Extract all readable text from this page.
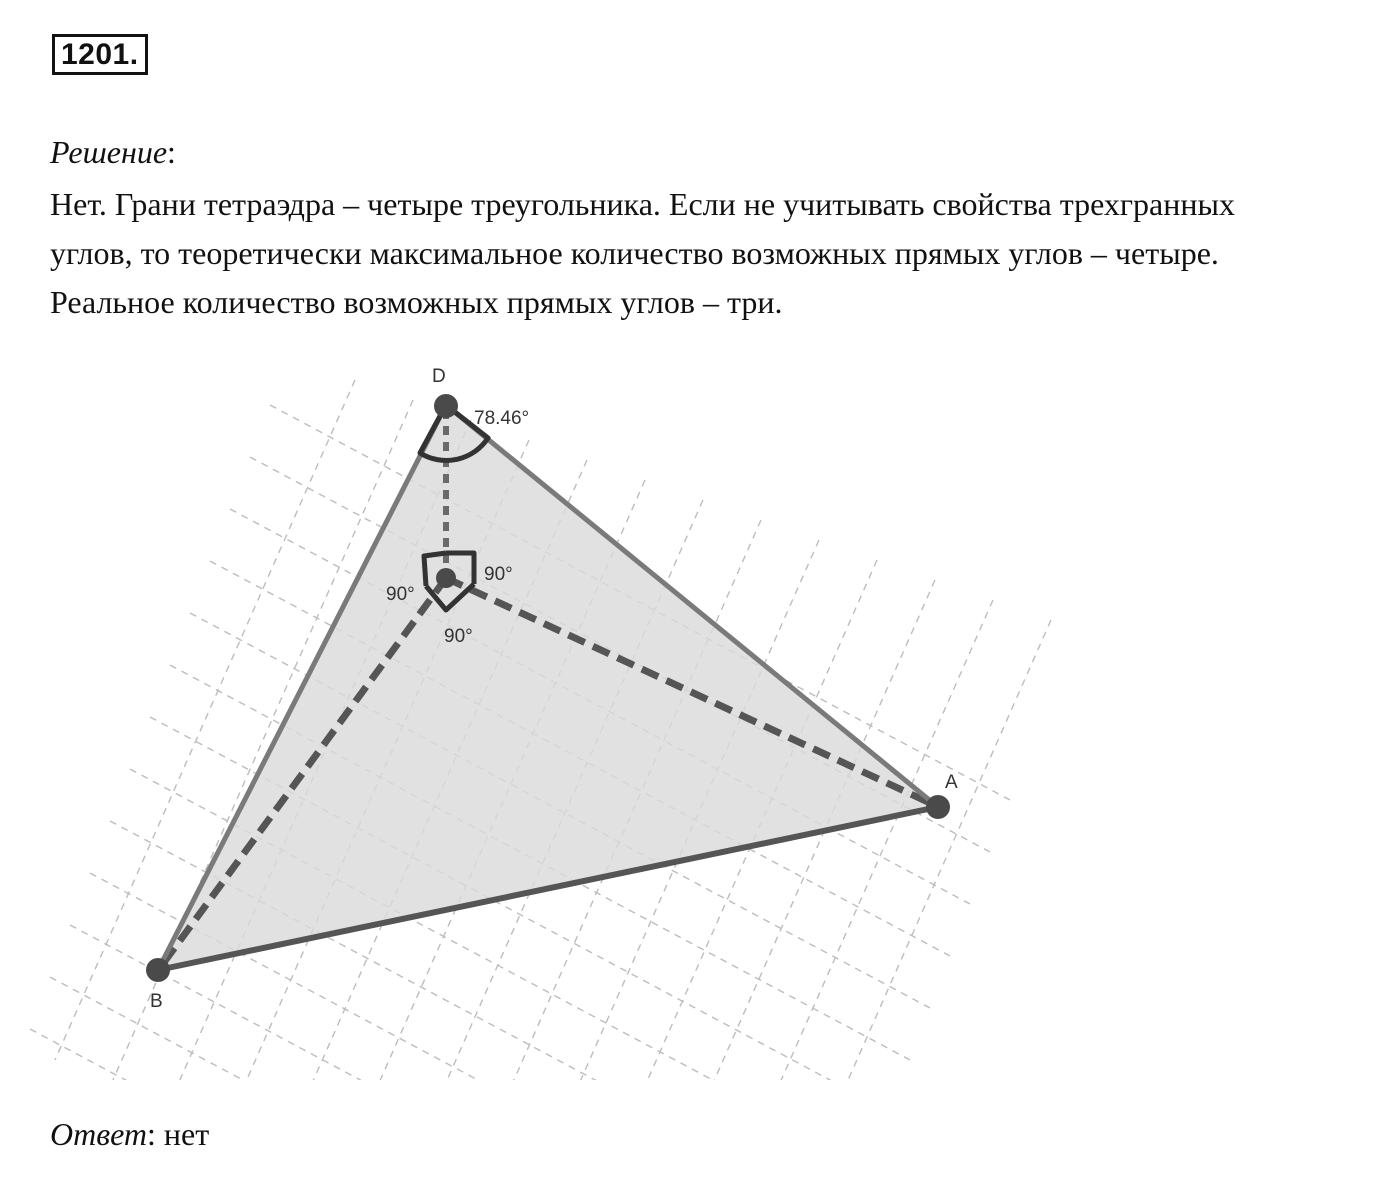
1201.
Решение:

Нет. Грани тетраэдра – четыре треугольника. Если не учитывать свойства трехгранных

углов, то теоретически максимальное количество возможных прямых углов – четыре.

Реальное количество возможных прямых углов – три.

D
A
B
78.46°
90°
90°
90°
Ответ: нет
